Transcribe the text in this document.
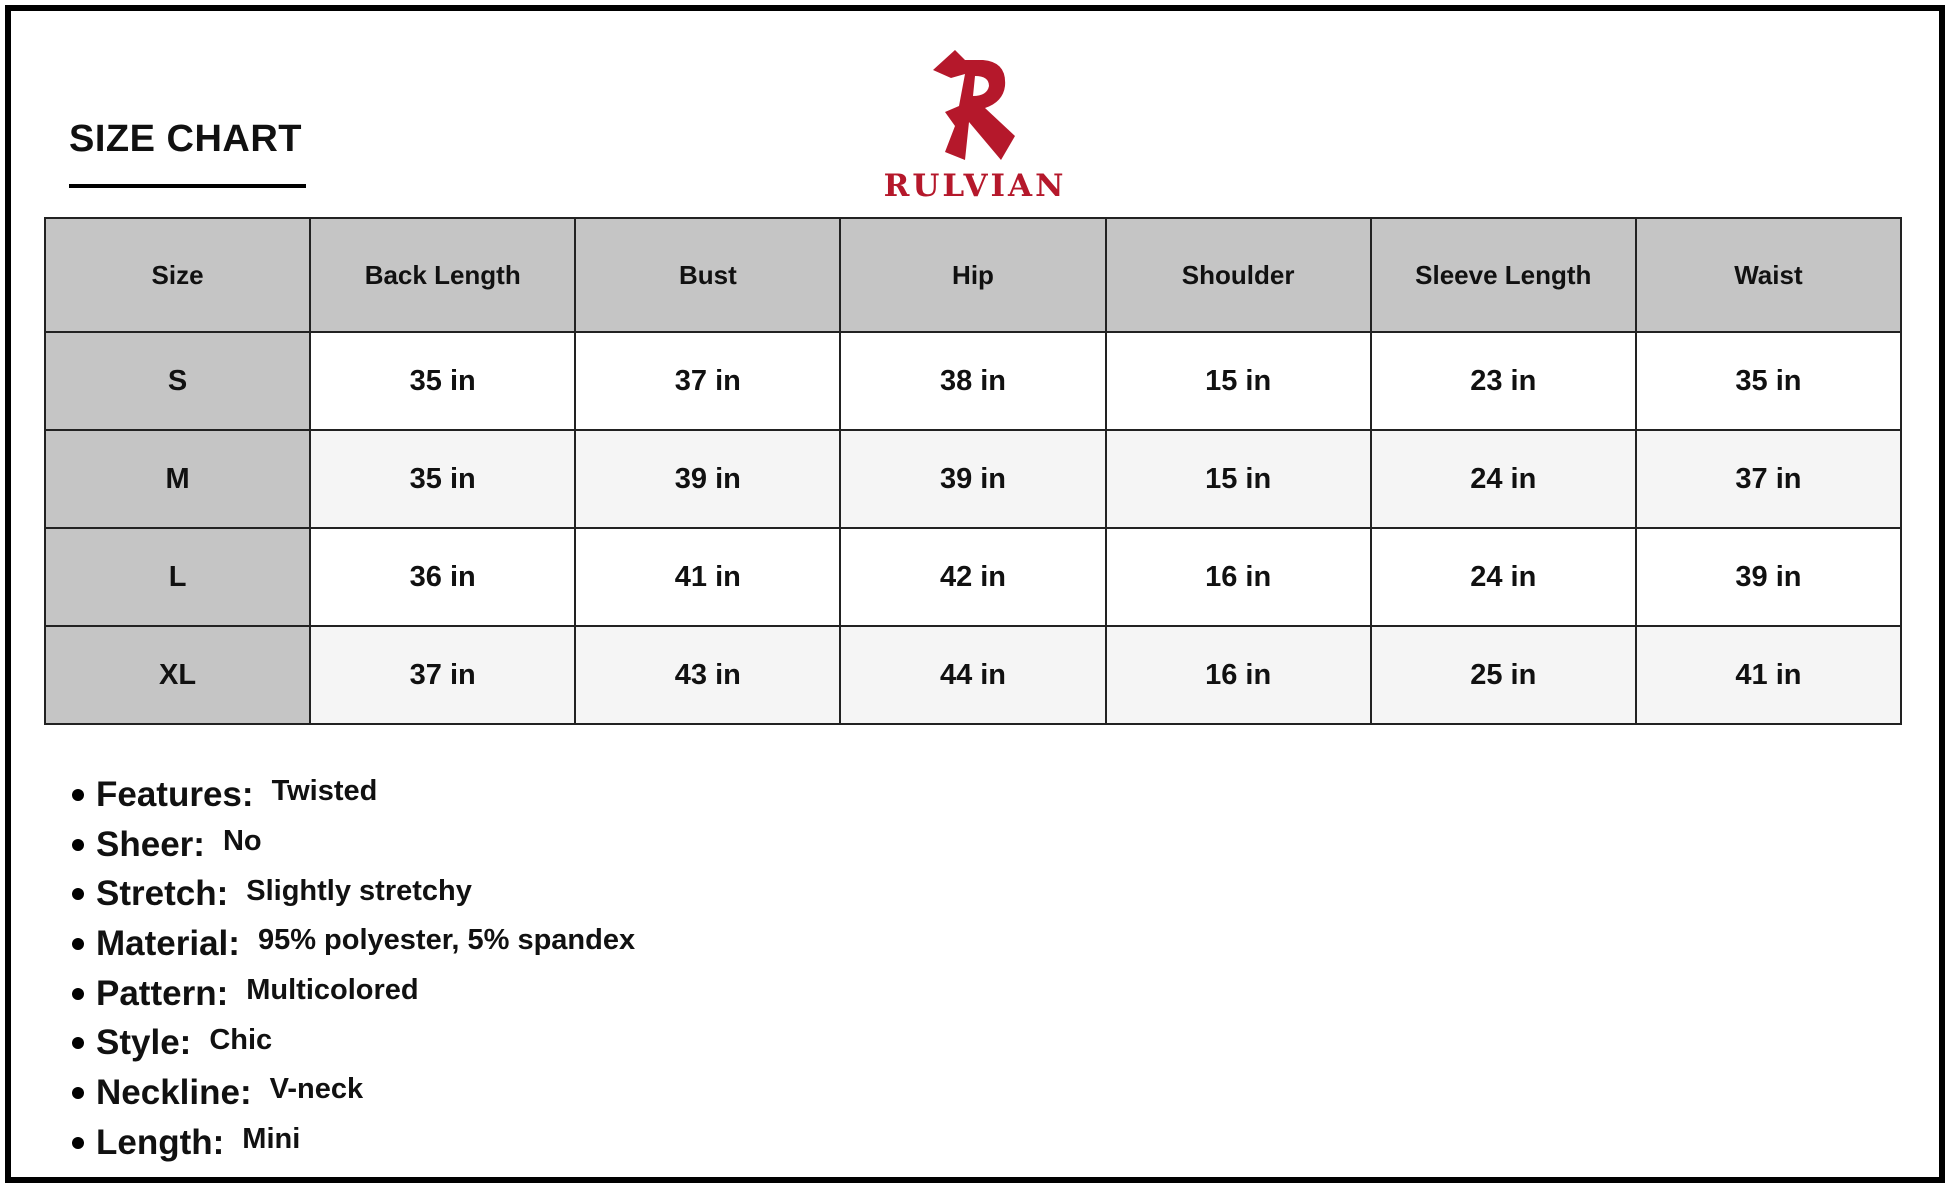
SIZE CHART
RULVIAN
Size	Back Length	Bust	Hip	Shoulder	Sleeve Length	Waist
S	35 in	37 in	38 in	15 in	23 in	35 in
M	35 in	39 in	39 in	15 in	24 in	37 in
L	36 in	41 in	42 in	16 in	24 in	39 in
XL	37 in	43 in	44 in	16 in	25 in	41 in
Features: Twisted
Sheer: No
Stretch: Slightly stretchy
Material: 95% polyester, 5% spandex
Pattern: Multicolored
Style: Chic
Neckline: V-neck
Length: Mini
